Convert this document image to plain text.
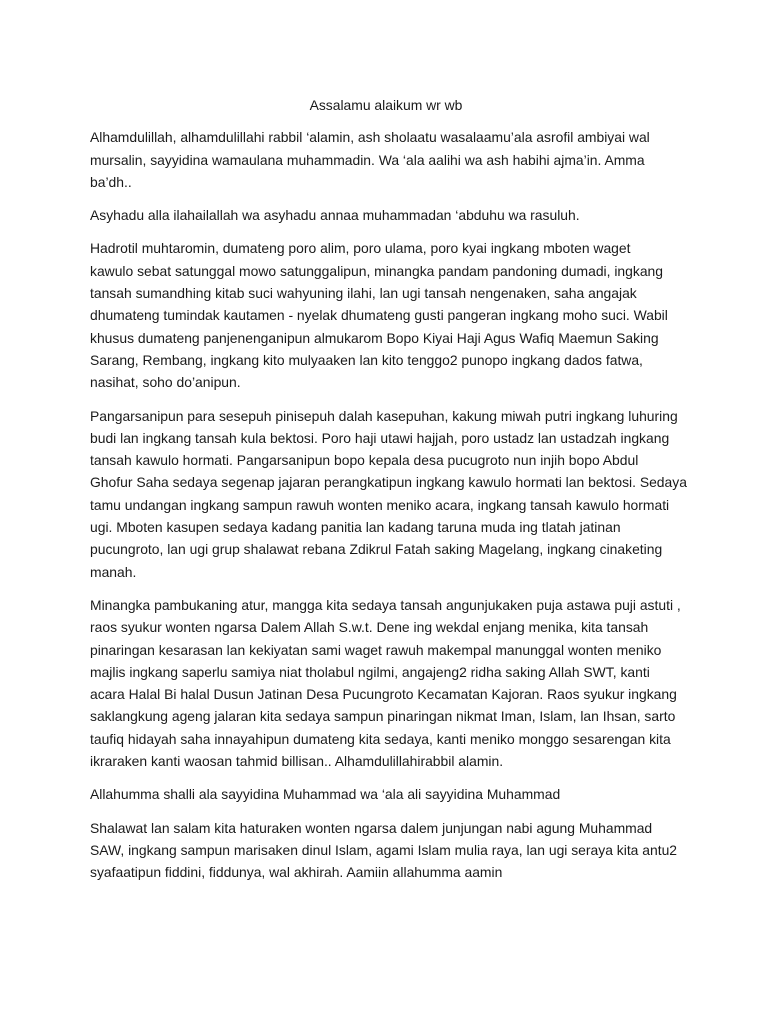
Assalamu alaikum wr wb
Alhamdulillah, alhamdulillahi rabbil ‘alamin, ash sholaatu wasalaamu’ala asrofil ambiyai wal
mursalin, sayyidina wamaulana muhammadin. Wa ‘ala aalihi wa ash habihi ajma’in. Amma
ba’dh..
Asyhadu alla ilahailallah wa asyhadu annaa muhammadan ‘abduhu wa rasuluh.
Hadrotil muhtaromin, dumateng poro alim, poro ulama, poro kyai ingkang mboten waget
kawulo sebat satunggal mowo satunggalipun, minangka pandam pandoning dumadi, ingkang
tansah sumandhing kitab suci wahyuning ilahi, lan ugi tansah nengenaken, saha angajak
dhumateng tumindak kautamen - nyelak dhumateng gusti pangeran ingkang moho suci. Wabil
khusus dumateng panjenenganipun almukarom Bopo Kiyai Haji Agus Wafiq Maemun Saking
Sarang, Rembang, ingkang kito mulyaaken lan kito tenggo2 punopo ingkang dados fatwa,
nasihat, soho do’anipun.
Pangarsanipun para sesepuh pinisepuh dalah kasepuhan, kakung miwah putri ingkang luhuring
budi lan ingkang tansah kula bektosi. Poro haji utawi hajjah, poro ustadz lan ustadzah ingkang
tansah kawulo hormati. Pangarsanipun bopo kepala desa pucugroto nun injih bopo Abdul
Ghofur Saha sedaya segenap jajaran perangkatipun ingkang kawulo hormati lan bektosi. Sedaya
tamu undangan ingkang sampun rawuh wonten meniko acara, ingkang tansah kawulo hormati
ugi. Mboten kasupen sedaya kadang panitia lan kadang taruna muda ing tlatah jatinan
pucungroto, lan ugi grup shalawat rebana Zdikrul Fatah saking Magelang, ingkang cinaketing
manah.
Minangka pambukaning atur, mangga kita sedaya tansah angunjukaken puja astawa puji astuti ,
raos syukur wonten ngarsa Dalem Allah S.w.t. Dene ing wekdal enjang menika, kita tansah
pinaringan kesarasan lan kekiyatan sami waget rawuh makempal manunggal wonten meniko
majlis ingkang saperlu samiya niat tholabul ngilmi, angajeng2 ridha saking Allah SWT, kanti
acara Halal Bi halal Dusun Jatinan Desa Pucungroto Kecamatan Kajoran. Raos syukur ingkang
saklangkung ageng jalaran kita sedaya sampun pinaringan nikmat Iman, Islam, lan Ihsan, sarto
taufiq hidayah saha innayahipun dumateng kita sedaya, kanti meniko monggo sesarengan kita
ikraraken kanti waosan tahmid billisan.. Alhamdulillahirabbil alamin.
Allahumma shalli ala sayyidina Muhammad wa ‘ala ali sayyidina Muhammad
Shalawat lan salam kita haturaken wonten ngarsa dalem junjungan nabi agung Muhammad
SAW, ingkang sampun marisaken dinul Islam, agami Islam mulia raya, lan ugi seraya kita antu2
syafaatipun fiddini, fiddunya, wal akhirah. Aamiin allahumma aamin
